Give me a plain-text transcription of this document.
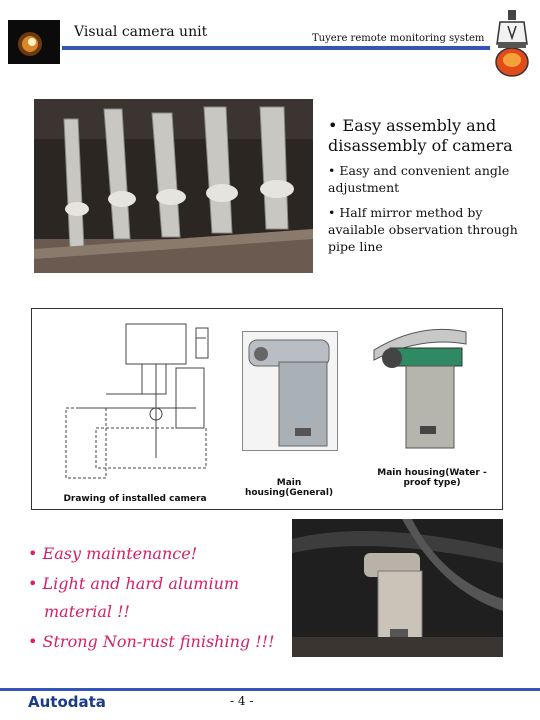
Visual camera unit	Tuyere remote monitoring system
• Easy assembly and disassembly of camera
• Easy and convenient angle adjustment
• Half mirror method by available observation through pipe line
Drawing of installed camera
Main housing(General)
Main housing(Water -proof type)
• Easy maintenance!
• Light and hard alumium
material !!
• Strong Non-rust finishing !!!
Autodata	- 4 -
